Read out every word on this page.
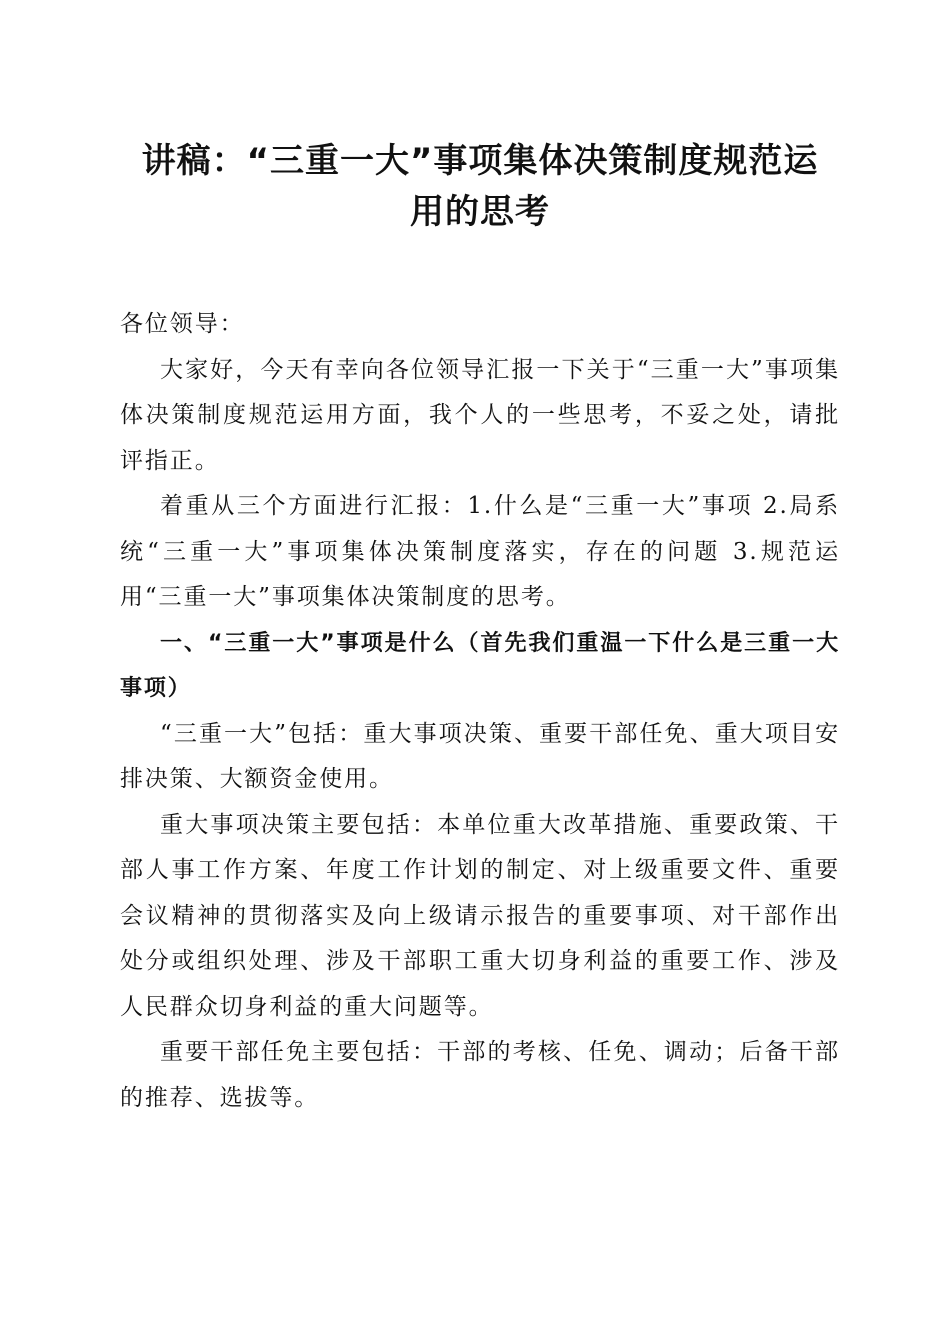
讲稿：“三重一大”事项集体决策制度规范运
用的思考

各位领导：

大家好，今天有幸向各位领导汇报一下关于“三重一大”事项集体决策制度规范运用方面，我个人的一些思考，不妥之处，请批评指正。

着重从三个方面进行汇报：1.什么是“三重一大”事项 2.局系统“三重一大”事项集体决策制度落实，存在的问题 3.规范运用“三重一大”事项集体决策制度的思考。

一、“三重一大”事项是什么（首先我们重温一下什么是三重一大事项）

“三重一大”包括：重大事项决策、重要干部任免、重大项目安排决策、大额资金使用。

重大事项决策主要包括：本单位重大改革措施、重要政策、干部人事工作方案、年度工作计划的制定、对上级重要文件、重要会议精神的贯彻落实及向上级请示报告的重要事项、对干部作出处分或组织处理、涉及干部职工重大切身利益的重要工作、涉及人民群众切身利益的重大问题等。

重要干部任免主要包括：干部的考核、任免、调动；后备干部的推荐、选拔等。
